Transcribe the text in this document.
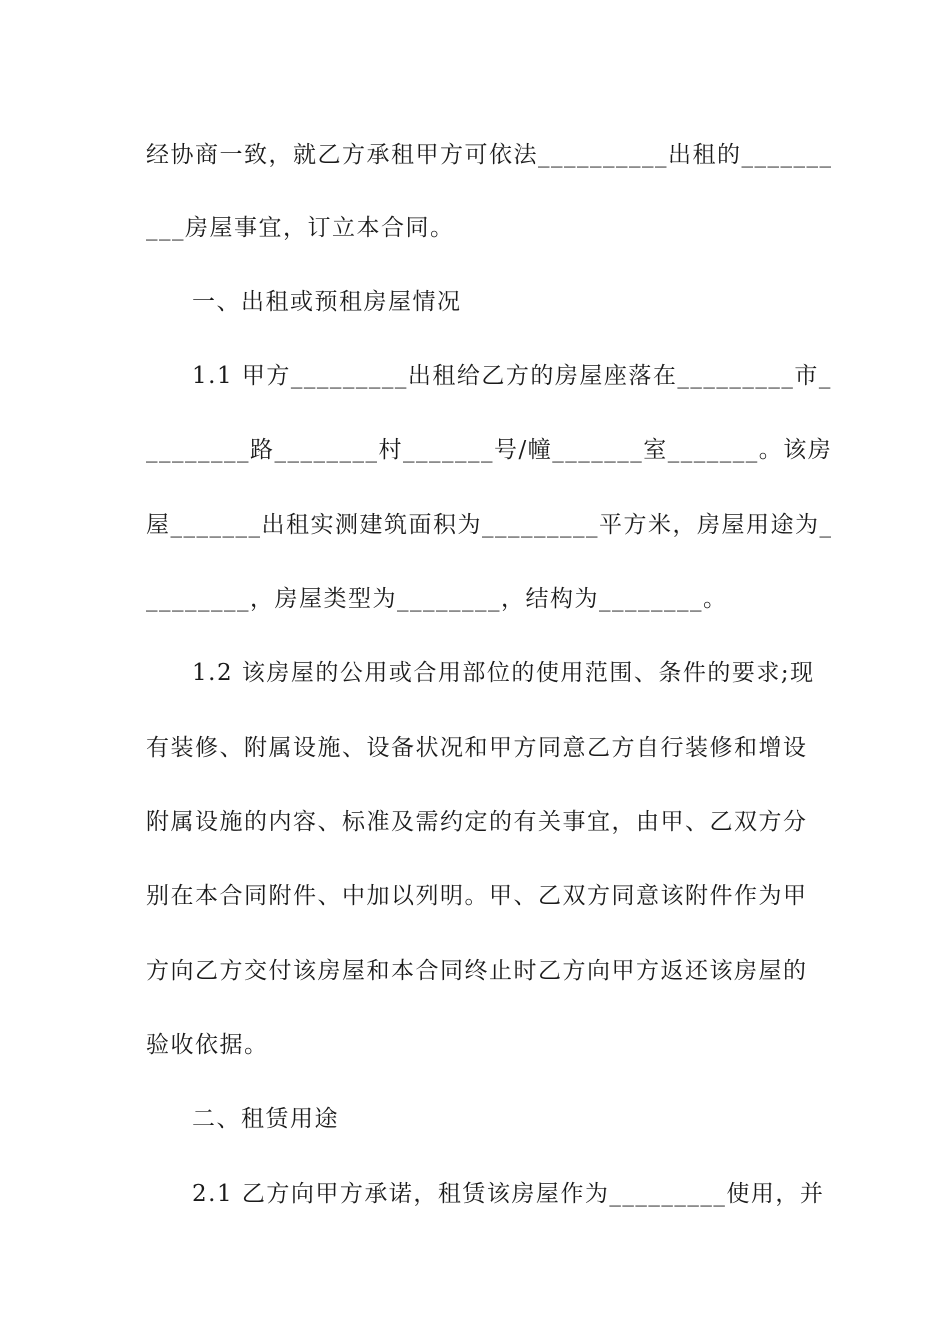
经协商一致，就乙方承租甲方可依法__________出租的_______
___房屋事宜，订立本合同。
一、出租或预租房屋情况
1.1 甲方_________出租给乙方的房屋座落在_________市_
________路________村_______号/幢_______室_______。该房
屋_______出租实测建筑面积为_________平方米，房屋用途为_
________，房屋类型为________，结构为________。
1.2 该房屋的公用或合用部位的使用范围、条件的要求;现
有装修、附属设施、设备状况和甲方同意乙方自行装修和增设
附属设施的内容、标准及需约定的有关事宜，由甲、乙双方分
别在本合同附件、中加以列明。甲、乙双方同意该附件作为甲
方向乙方交付该房屋和本合同终止时乙方向甲方返还该房屋的
验收依据。
二、租赁用途
2.1 乙方向甲方承诺，租赁该房屋作为_________使用，并
